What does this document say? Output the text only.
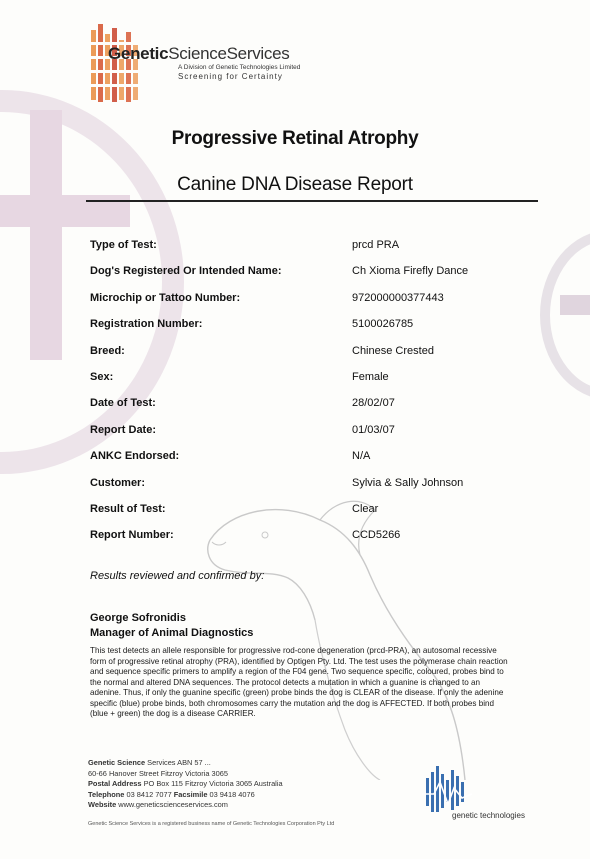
GeneticScienceServices
A Division of Genetic Technologies Limited
Screening for Certainty
Progressive Retinal Atrophy
Canine DNA Disease Report
Type of Test:	prcd PRA
Dog's Registered Or Intended Name:	Ch Xioma Firefly Dance
Microchip or Tattoo Number:	972000000377443
Registration Number:	5100026785
Breed:	Chinese Crested
Sex:	Female
Date of Test:	28/02/07
Report Date:	01/03/07
ANKC Endorsed:	N/A
Customer:	Sylvia & Sally Johnson
Result of Test:	Clear
Report Number:	CCD5266
Results reviewed and confirmed by:
George Sofronidis
Manager of Animal Diagnostics
This test detects an allele responsible for progressive rod-cone degeneration (prcd-PRA), an autosomal recessive form of progressive retinal atrophy (PRA), identified by Optigen Pty. Ltd. The test uses the polymerase chain reaction and sequence specific primers to amplify a region of the F04 gene. Two sequence specific, coloured, probes bind to the normal and altered DNA sequences. The protocol detects a mutation in which a guanine is changed to an adenine. Thus, if only the guanine specific (green) probe binds the dog is CLEAR of the disease. If only the adenine specific (blue) probe binds, both chromosomes carry the mutation and the dog is AFFECTED. If both probes bind (blue + green) the dog is a disease CARRIER.
Genetic Science Services ABN 57 ...
60-66 Hanover Street Fitzroy Victoria 3065
Postal Address PO Box 115 Fitzroy Victoria 3065 Australia
Telephone 03 8412 7077 Facsimile 03 9418 4076
Website www.geneticscienceservices.com
Genetic Science Services is a registered business name of Genetic Technologies Corporation Pty Ltd
genetic technologies
